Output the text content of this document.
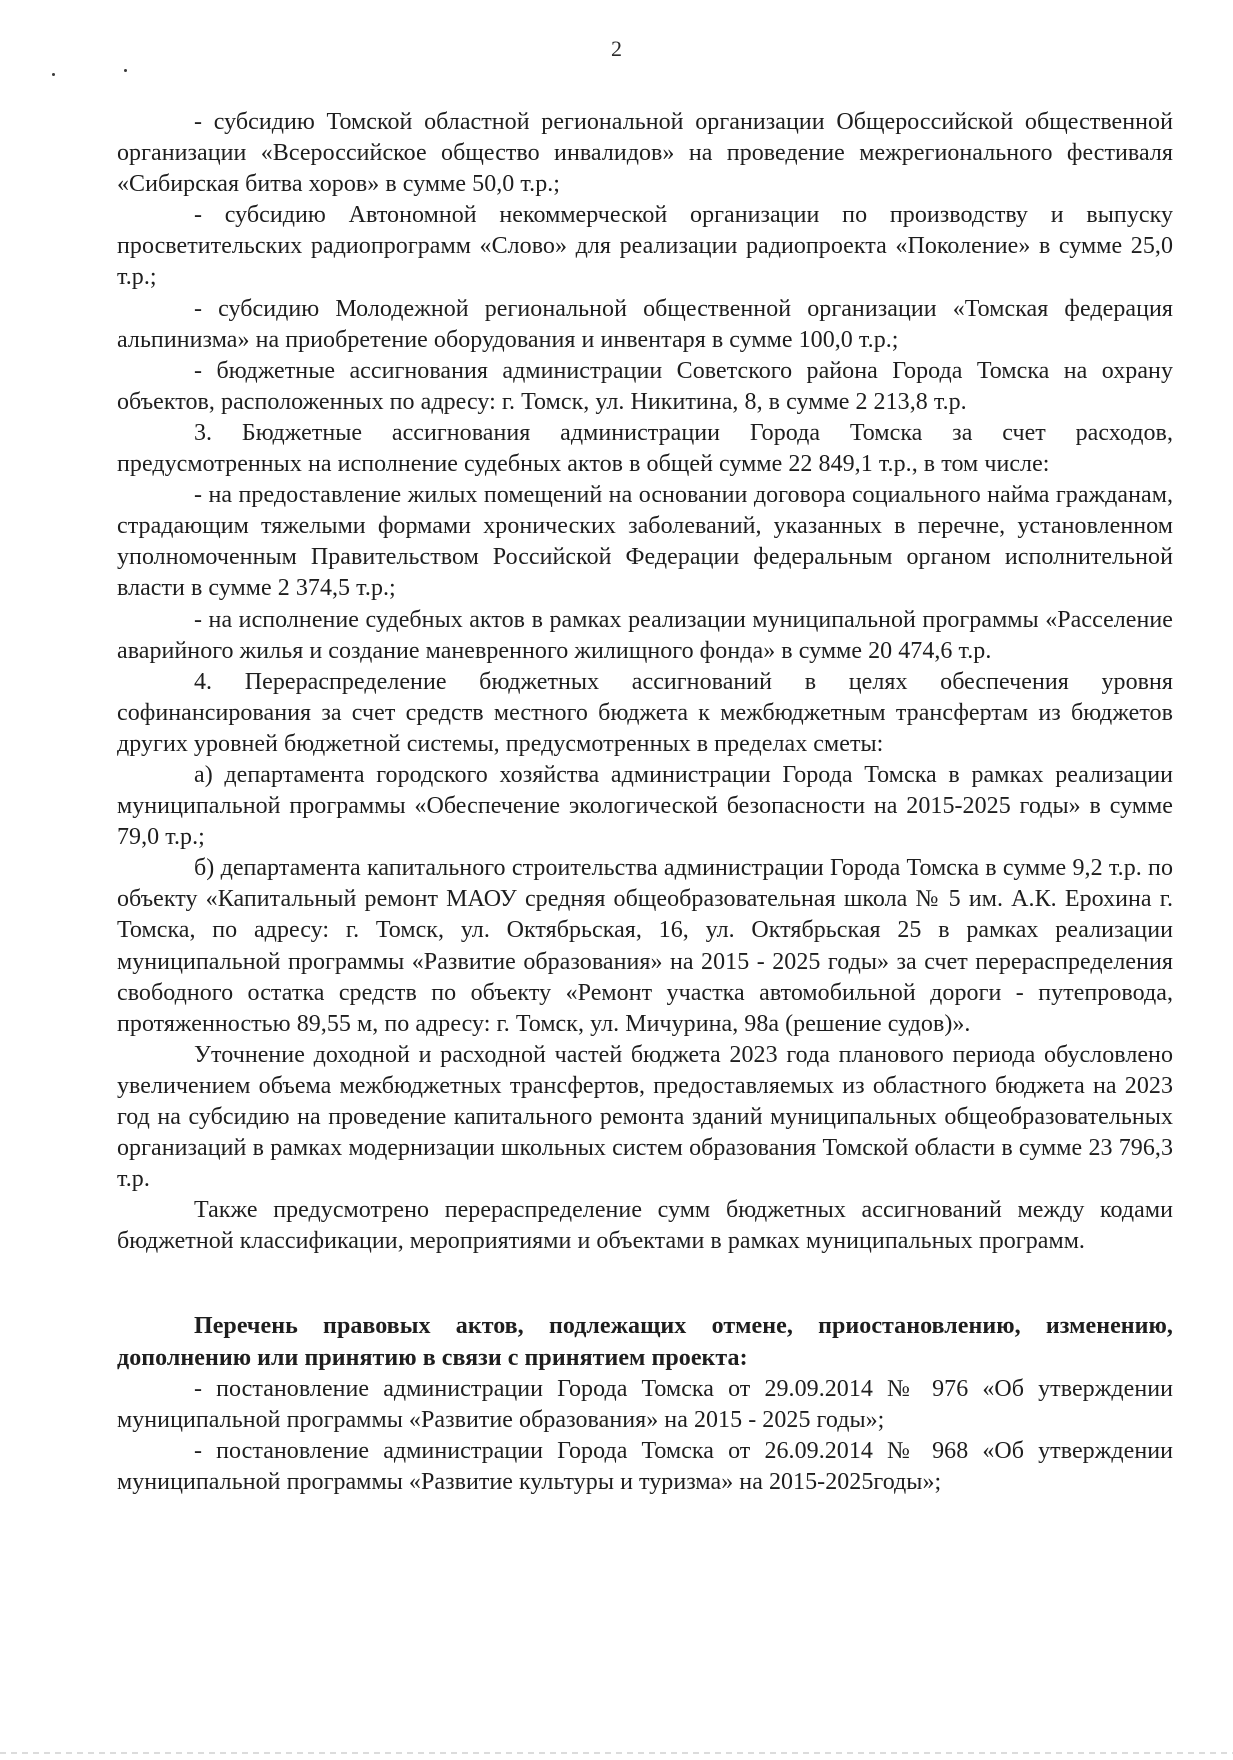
2

- субсидию Томской областной региональной организации Общероссийской общественной организации «Всероссийское общество инвалидов» на проведение межрегионального фестиваля «Сибирская битва хоров» в сумме 50,0 т.р.;

- субсидию Автономной некоммерческой организации по производству и выпуску просветительских радиопрограмм «Слово» для реализации радиопроекта «Поколение» в сумме 25,0 т.р.;

- субсидию Молодежной региональной общественной организации «Томская федерация альпинизма» на приобретение оборудования и инвентаря в сумме 100,0 т.р.;

- бюджетные ассигнования администрации Советского района Города Томска на охрану объектов, расположенных по адресу: г. Томск, ул. Никитина, 8, в сумме 2 213,8 т.р.

3. Бюджетные ассигнования администрации Города Томска за счет расходов, предусмотренных на исполнение судебных актов в общей сумме 22 849,1 т.р., в том числе:

- на предоставление жилых помещений на основании договора социального найма гражданам, страдающим тяжелыми формами хронических заболеваний, указанных в перечне, установленном уполномоченным Правительством Российской Федерации федеральным органом исполнительной власти в сумме 2 374,5 т.р.;

- на исполнение судебных актов в рамках реализации муниципальной программы «Расселение аварийного жилья и создание маневренного жилищного фонда» в сумме 20 474,6 т.р.

4. Перераспределение бюджетных ассигнований в целях обеспечения уровня софинансирования за счет средств местного бюджета к межбюджетным трансфертам из бюджетов других уровней бюджетной системы, предусмотренных в пределах сметы:

а) департамента городского хозяйства администрации Города Томска в рамках реализации муниципальной программы «Обеспечение экологической безопасности на 2015-2025 годы» в сумме 79,0 т.р.;

б) департамента капитального строительства администрации Города Томска в сумме 9,2 т.р. по объекту «Капитальный ремонт МАОУ средняя общеобразовательная школа № 5 им. А.К. Ерохина г. Томска, по адресу: г. Томск, ул. Октябрьская, 16, ул. Октябрьская 25 в рамках реализации муниципальной программы «Развитие образования» на 2015 - 2025 годы» за счет перераспределения свободного остатка средств по объекту «Ремонт участка автомобильной дороги - путепровода, протяженностью 89,55 м, по адресу: г. Томск, ул. Мичурина, 98а (решение судов)».

Уточнение доходной и расходной частей бюджета 2023 года планового периода обусловлено увеличением объема межбюджетных трансфертов, предоставляемых из областного бюджета на 2023 год на субсидию на проведение капитального ремонта зданий муниципальных общеобразовательных организаций в рамках модернизации школьных систем образования Томской области в сумме 23 796,3 т.р.

Также предусмотрено перераспределение сумм бюджетных ассигнований между кодами бюджетной классификации, мероприятиями и объектами в рамках муниципальных программ.

Перечень правовых актов, подлежащих отмене, приостановлению, изменению, дополнению или принятию в связи с принятием проекта:

- постановление администрации Города Томска от 29.09.2014 № 976 «Об утверждении муниципальной программы «Развитие образования» на 2015 - 2025 годы»;

- постановление администрации Города Томска от 26.09.2014 № 968 «Об утверждении муниципальной программы «Развитие культуры и туризма» на 2015-2025годы»;
